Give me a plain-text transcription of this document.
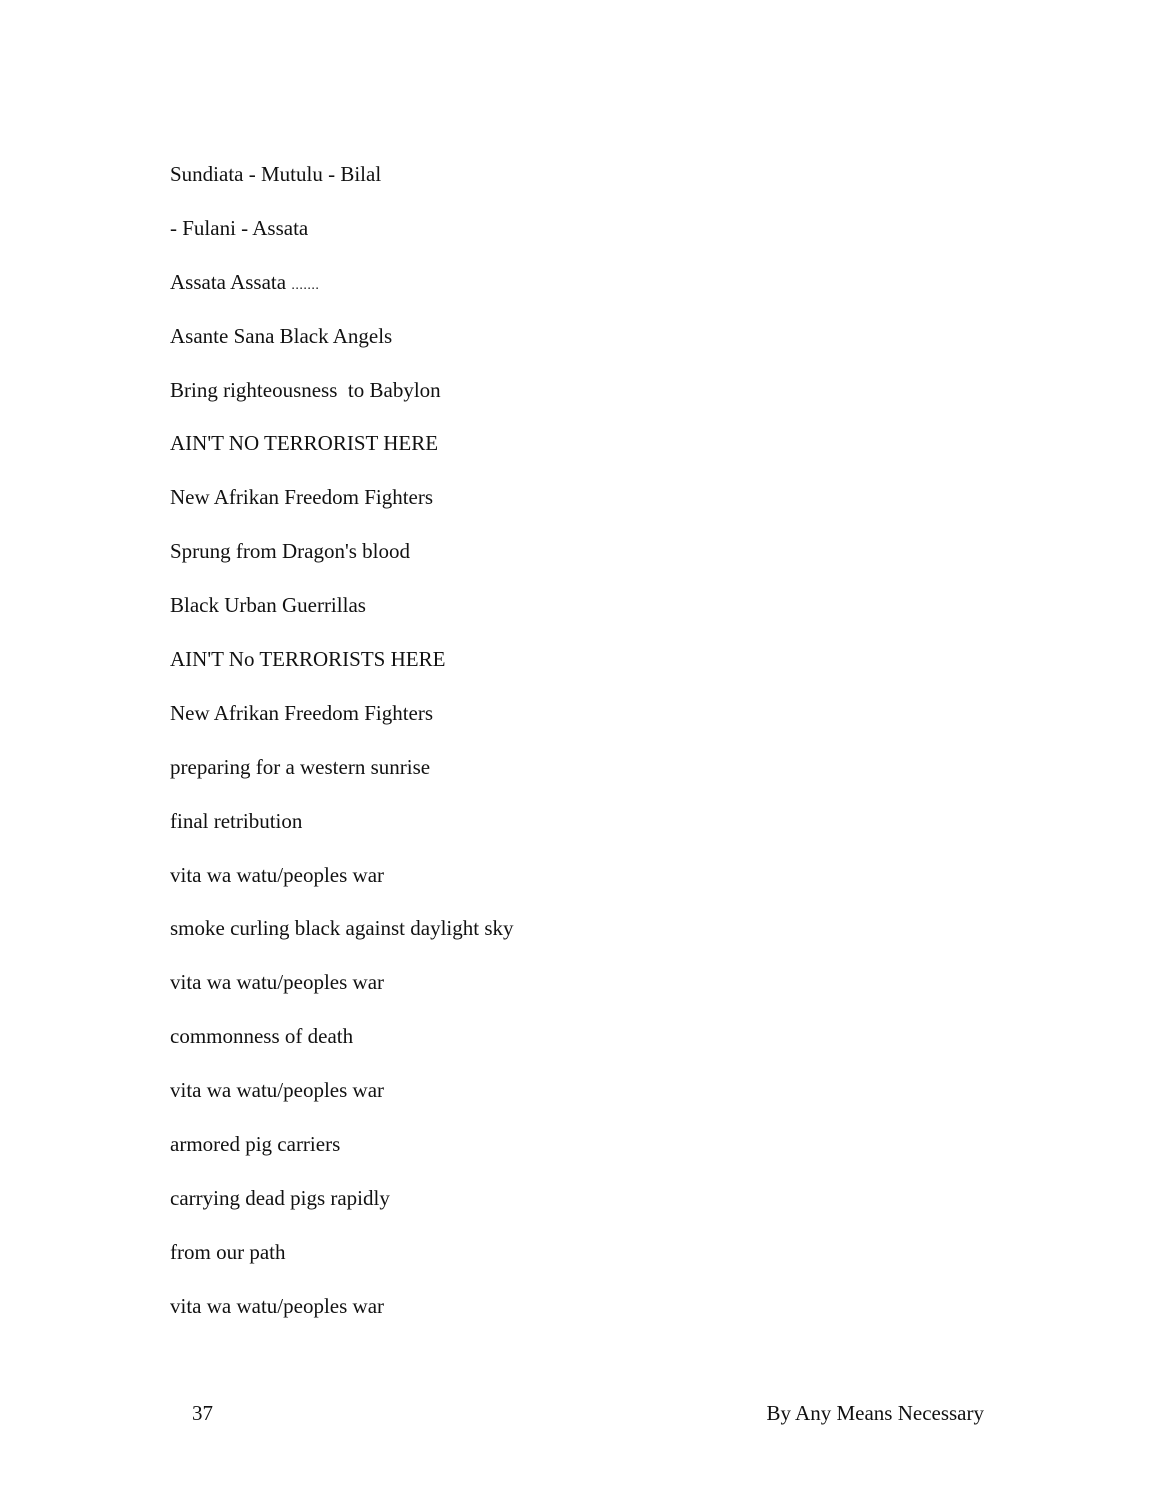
Sundiata - Mutulu - Bilal
- Fulani - Assata
Assata Assata .......
Asante Sana Black Angels
Bring righteousness  to Babylon
AIN'T NO TERRORIST HERE
New Afrikan Freedom Fighters
Sprung from Dragon's blood
Black Urban Guerrillas
AIN'T No TERRORISTS HERE
New Afrikan Freedom Fighters
preparing for a western sunrise
final retribution
vita wa watu/peoples war
smoke curling black against daylight sky
vita wa watu/peoples war
commonness of death
vita wa watu/peoples war
armored pig carriers
carrying dead pigs rapidly
from our path
vita wa watu/peoples war
37	By Any Means Necessary
